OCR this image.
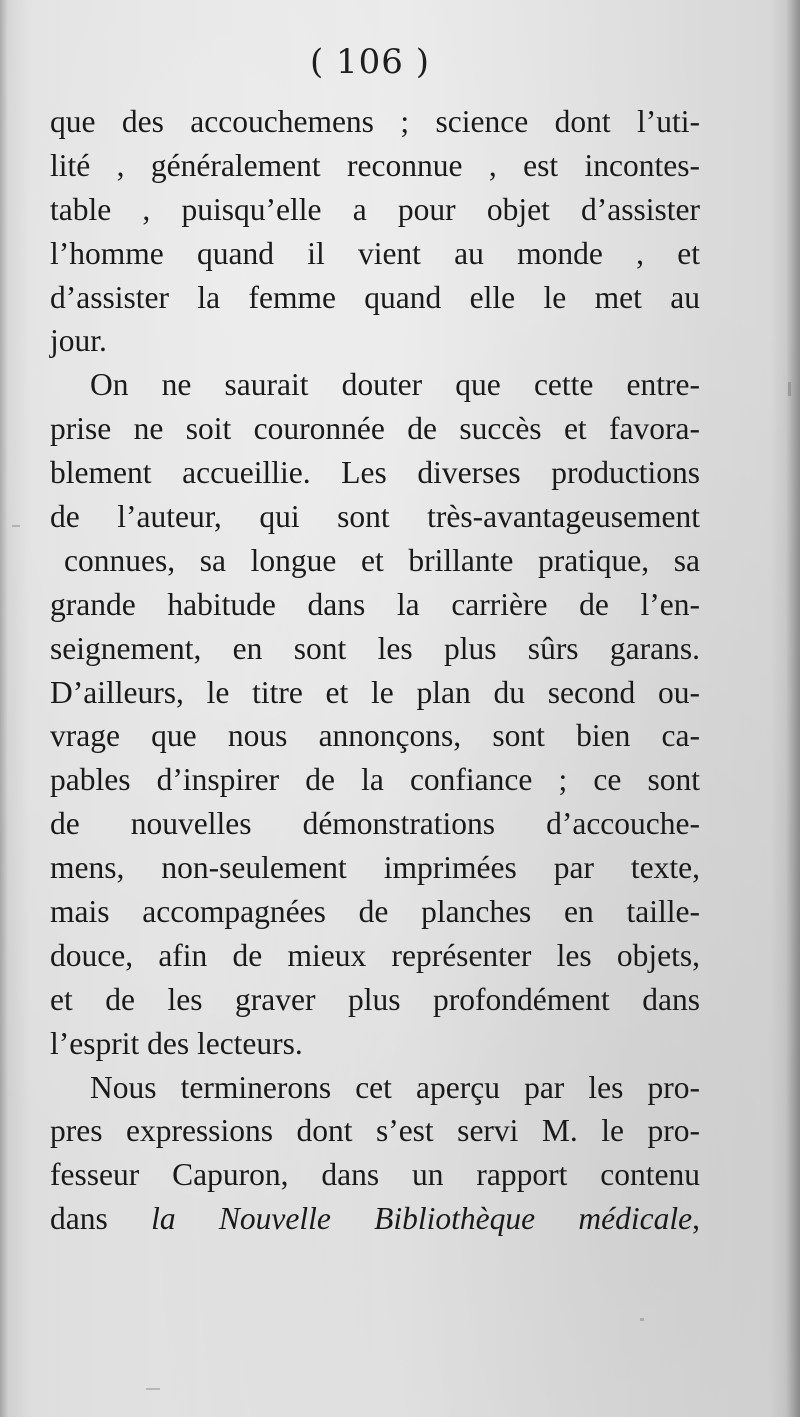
( 106 )
que des accouchemens ; science dont l’uti-
lité , généralement reconnue , est incontes-
table , puisqu’elle a pour objet d’assister
l’homme quand il vient au monde , et
d’assister la femme quand elle le met au
jour.
On ne saurait douter que cette entre-
prise ne soit couronnée de succès et favora-
blement accueillie. Les diverses productions
de l’auteur, qui sont très-avantageusement
connues, sa longue et brillante pratique, sa
grande habitude dans la carrière de l’en-
seignement, en sont les plus sûrs garans.
D’ailleurs, le titre et le plan du second ou-
vrage que nous annonçons, sont bien ca-
pables d’inspirer de la confiance ; ce sont
de nouvelles démonstrations d’accouche-
mens, non-seulement imprimées par texte,
mais accompagnées de planches en taille-
douce, afin de mieux représenter les objets,
et de les graver plus profondément dans
l’esprit des lecteurs.
Nous terminerons cet aperçu par les pro-
pres expressions dont s’est servi M. le pro-
fesseur Capuron, dans un rapport contenu
dans la Nouvelle Bibliothèque médicale,
